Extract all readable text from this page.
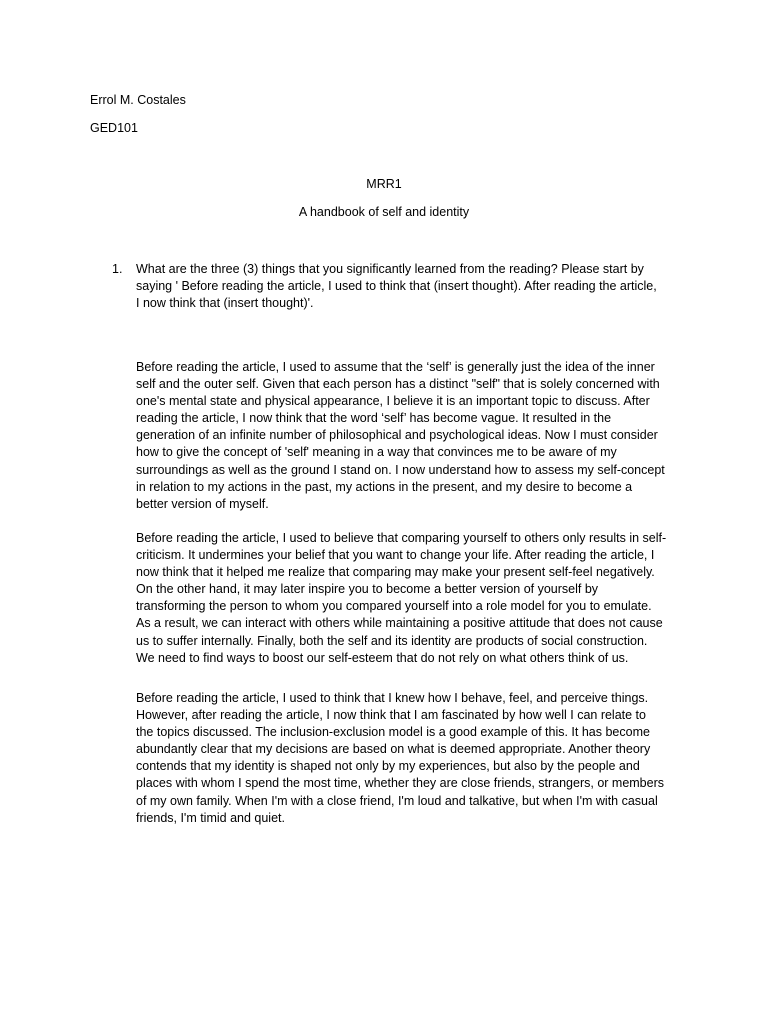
Errol M. Costales

GED101

MRR1

A handbook of self and identity

1. What are the three (3) things that you significantly learned from the reading? Please start by
saying ' Before reading the article, I used to think that (insert thought). After reading the article,
I now think that (insert thought)'.
Before reading the article, I used to assume that the ‘self’ is generally just the idea of the inner
self and the outer self. Given that each person has a distinct "self" that is solely concerned with
one's mental state and physical appearance, I believe it is an important topic to discuss. After
reading the article, I now think that the word ‘self’ has become vague. It resulted in the
generation of an infinite number of philosophical and psychological ideas. Now I must consider
how to give the concept of 'self' meaning in a way that convinces me to be aware of my
surroundings as well as the ground I stand on. I now understand how to assess my self-concept
in relation to my actions in the past, my actions in the present, and my desire to become a
better version of myself.
Before reading the article, I used to believe that comparing yourself to others only results in self-
criticism. It undermines your belief that you want to change your life. After reading the article, I
now think that it helped me realize that comparing may make your present self-feel negatively.
On the other hand, it may later inspire you to become a better version of yourself by
transforming the person to whom you compared yourself into a role model for you to emulate.
As a result, we can interact with others while maintaining a positive attitude that does not cause
us to suffer internally. Finally, both the self and its identity are products of social construction.
We need to find ways to boost our self-esteem that do not rely on what others think of us.
Before reading the article, I used to think that I knew how I behave, feel, and perceive things.
However, after reading the article, I now think that I am fascinated by how well I can relate to
the topics discussed. The inclusion-exclusion model is a good example of this. It has become
abundantly clear that my decisions are based on what is deemed appropriate. Another theory
contends that my identity is shaped not only by my experiences, but also by the people and
places with whom I spend the most time, whether they are close friends, strangers, or members
of my own family. When I'm with a close friend, I'm loud and talkative, but when I'm with casual
friends, I'm timid and quiet.
